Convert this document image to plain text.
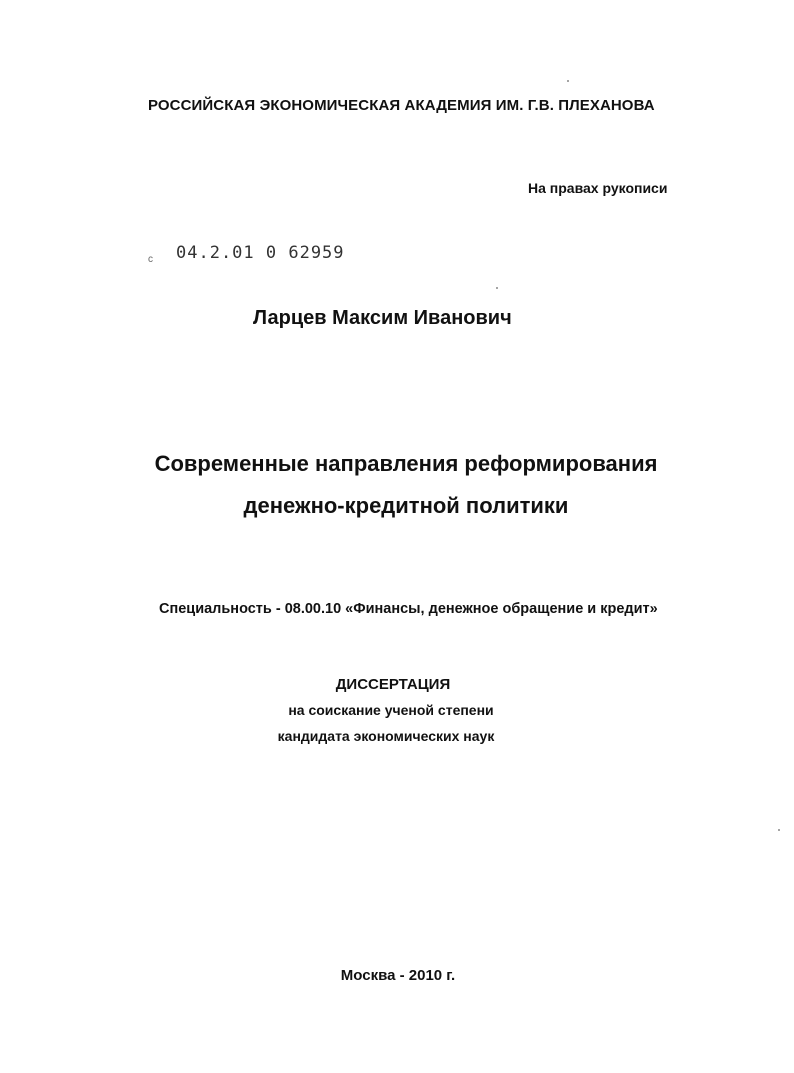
РОССИЙСКАЯ ЭКОНОМИЧЕСКАЯ АКАДЕМИЯ ИМ. Г.В. ПЛЕХАНОВА
На правах рукописи
c 04.2.01 0 62959
Ларцев Максим Иванович
Современные направления реформирования
денежно-кредитной политики
Специальность - 08.00.10 «Финансы, денежное обращение и кредит»
ДИССЕРТАЦИЯ
на соискание ученой степени
кандидата экономических наук
Москва - 2010 г.
